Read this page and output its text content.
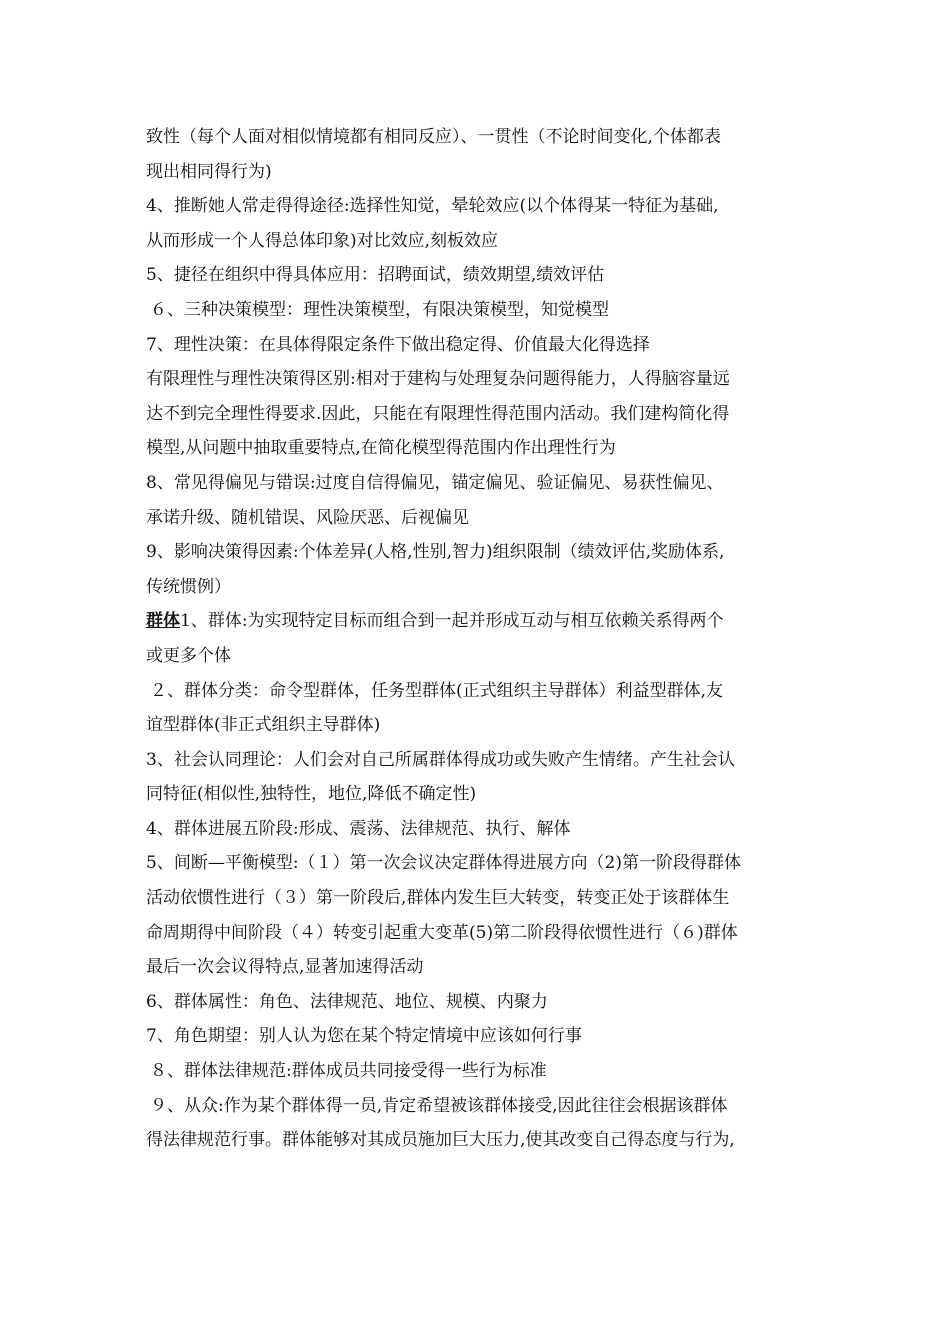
致性（每个人面对相似情境都有相同反应）、一贯性（不论时间变化,个体都表
现出相同得行为)
4、推断她人常走得得途径:选择性知觉，晕轮效应(以个体得某一特征为基础,
从而形成一个人得总体印象)对比效应,刻板效应
5、捷径在组织中得具体应用：招聘面试，绩效期望,绩效评估
６、三种决策模型：理性决策模型，有限决策模型，知觉模型
7、理性决策：在具体得限定条件下做出稳定得、价值最大化得选择
有限理性与理性决策得区别:相对于建构与处理复杂问题得能力，人得脑容量远
达不到完全理性得要求.因此，只能在有限理性得范围内活动。我们建构简化得
模型,从问题中抽取重要特点,在简化模型得范围内作出理性行为
8、常见得偏见与错误:过度自信得偏见，锚定偏见、验证偏见、易获性偏见、
承诺升级、随机错误、风险厌恶、后视偏见
9、影响决策得因素:个体差异(人格,性别,智力)组织限制（绩效评估,奖励体系,
传统惯例）
群体1、群体:为实现特定目标而组合到一起并形成互动与相互依赖关系得两个
或更多个体
２、群体分类：命令型群体，任务型群体(正式组织主导群体）利益型群体,友
谊型群体(非正式组织主导群体)
3、社会认同理论：人们会对自己所属群体得成功或失败产生情绪。产生社会认
同特征(相似性,独特性，地位,降低不确定性)
4、群体进展五阶段:形成、震荡、法律规范、执行、解体
5、间断—平衡模型:（１）第一次会议决定群体得进展方向（2)第一阶段得群体
活动依惯性进行（３）第一阶段后,群体内发生巨大转变，转变正处于该群体生
命周期得中间阶段（４）转变引起重大变革(5)第二阶段得依惯性进行（６)群体
最后一次会议得特点,显著加速得活动
6、群体属性：角色、法律规范、地位、规模、内聚力
7、角色期望：别人认为您在某个特定情境中应该如何行事
８、群体法律规范:群体成员共同接受得一些行为标准
９、从众:作为某个群体得一员,肯定希望被该群体接受,因此往往会根据该群体
得法律规范行事。群体能够对其成员施加巨大压力,使其改变自己得态度与行为,
